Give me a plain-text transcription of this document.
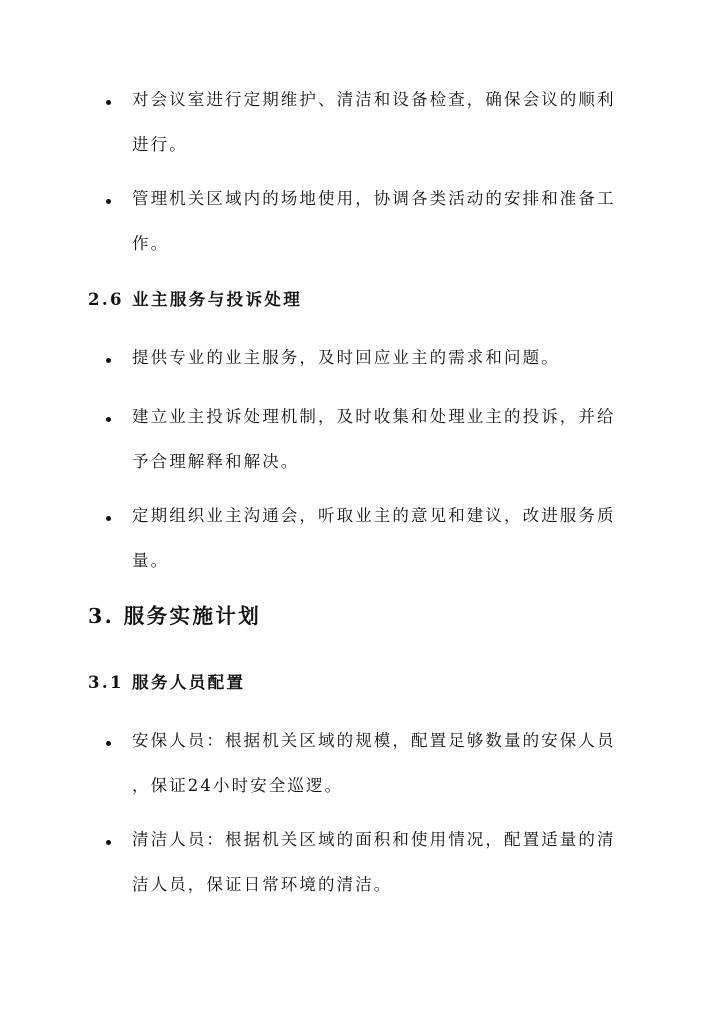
对会议室进行定期维护、清洁和设备检查，确保会议的顺利
进行。
管理机关区域内的场地使用，协调各类活动的安排和准备工
作。
2.6 业主服务与投诉处理
提供专业的业主服务，及时回应业主的需求和问题。
建立业主投诉处理机制，及时收集和处理业主的投诉，并给
予合理解释和解决。
定期组织业主沟通会，听取业主的意见和建议，改进服务质
量。
3. 服务实施计划
3.1 服务人员配置
安保人员：根据机关区域的规模，配置足够数量的安保人员
，保证24小时安全巡逻。
清洁人员：根据机关区域的面积和使用情况，配置适量的清
洁人员，保证日常环境的清洁。
